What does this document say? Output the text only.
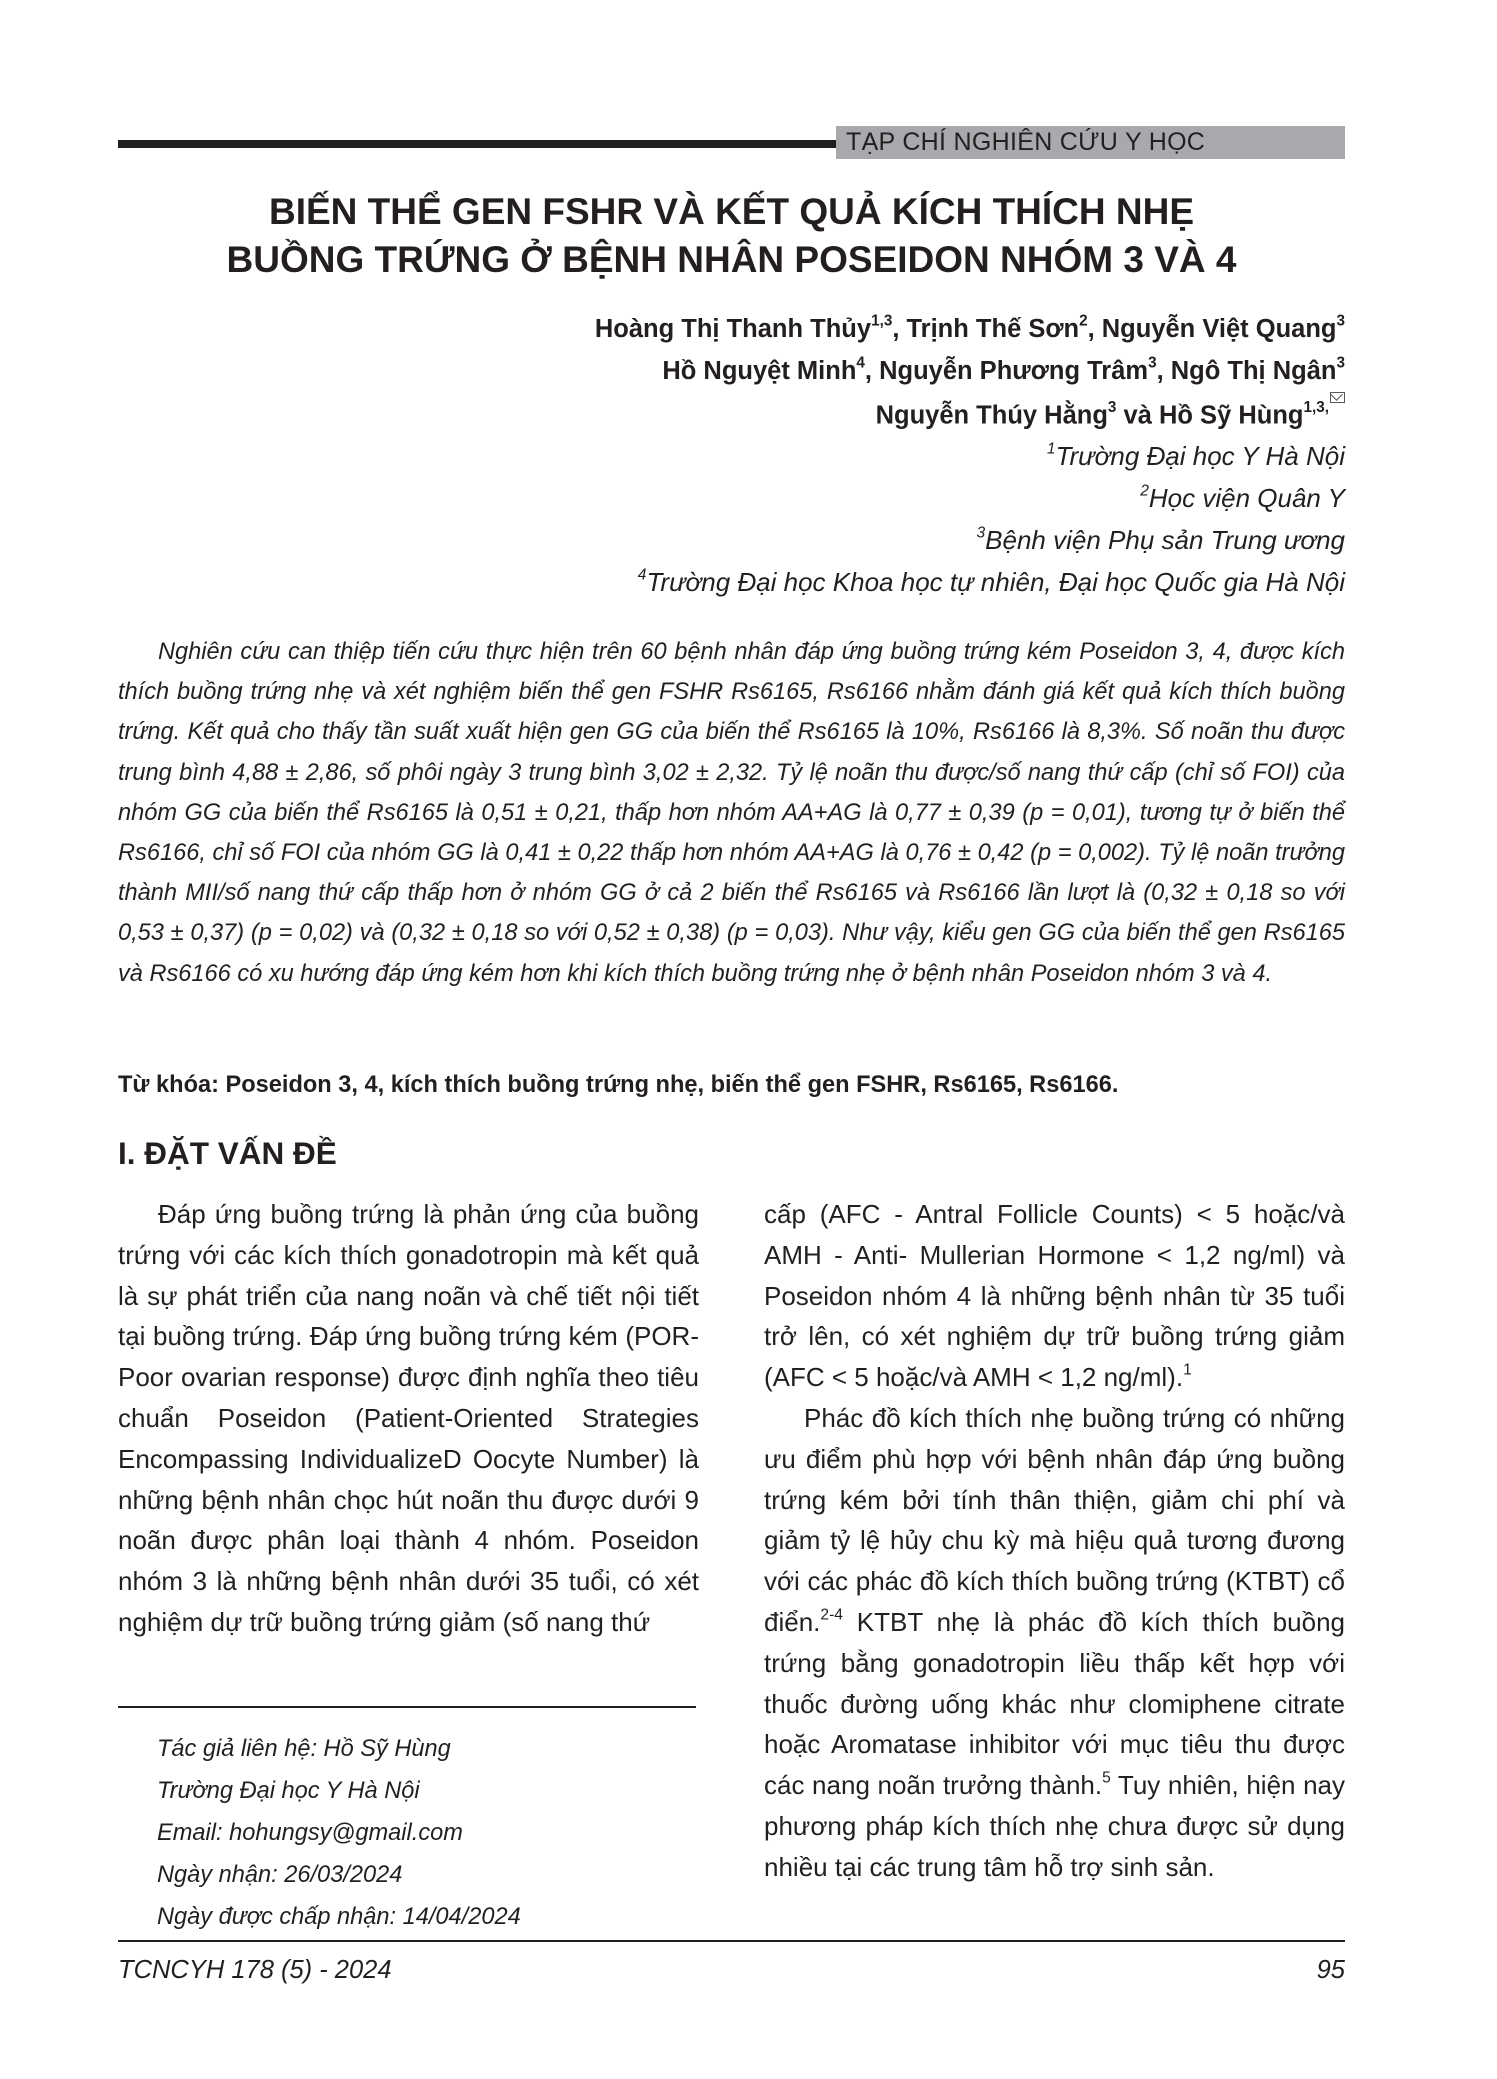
TẠP CHÍ NGHIÊN CỨU Y HỌC
BIẾN THỂ GEN FSHR VÀ KẾT QUẢ KÍCH THÍCH NHẸ
BUỒNG TRỨNG Ở BỆNH NHÂN POSEIDON NHÓM 3 VÀ 4
Hoàng Thị Thanh Thủy$^{1,3}$, Trịnh Thế Sơn$^2$, Nguyễn Việt Quang$^3$
Hồ Nguyệt Minh$^4$, Nguyễn Phương Trâm$^3$, Ngô Thị Ngân$^3$
Nguyễn Thúy Hằng$^3$ và Hồ Sỹ Hùng$^{1,3,}$
$^1$Trường Đại học Y Hà Nội
$^2$Học viện Quân Y
$^3$Bệnh viện Phụ sản Trung ương
$^4$Trường Đại học Khoa học tự nhiên, Đại học Quốc gia Hà Nội

Nghiên cứu can thiệp tiến cứu thực hiện trên 60 bệnh nhân đáp ứng buồng trứng kém Poseidon 3, 4, được kích thích buồng trứng nhẹ và xét nghiệm biến thể gen FSHR Rs6165, Rs6166 nhằm đánh giá kết quả kích thích buồng trứng. Kết quả cho thấy tần suất xuất hiện gen GG của biến thể Rs6165 là 10%, Rs6166 là 8,3%. Số noãn thu được trung bình 4,88 ± 2,86, số phôi ngày 3 trung bình 3,02 ± 2,32. Tỷ lệ noãn thu được/số nang thứ cấp (chỉ số FOI) của nhóm GG của biến thể Rs6165 là 0,51 ± 0,21, thấp hơn nhóm AA+AG là 0,77 ± 0,39 (p = 0,01), tương tự ở biến thể Rs6166, chỉ số FOI của nhóm GG là 0,41 ± 0,22 thấp hơn nhóm AA+AG là 0,76 ± 0,42 (p = 0,002). Tỷ lệ noãn trưởng thành MII/số nang thứ cấp thấp hơn ở nhóm GG ở cả 2 biến thể Rs6165 và Rs6166 lần lượt là (0,32 ± 0,18 so với 0,53 ± 0,37) (p = 0,02) và (0,32 ± 0,18 so với 0,52 ± 0,38) (p = 0,03). Như vậy, kiểu gen GG của biến thể gen Rs6165 và Rs6166 có xu hướng đáp ứng kém hơn khi kích thích buồng trứng nhẹ ở bệnh nhân Poseidon nhóm 3 và 4.

Từ khóa: Poseidon 3, 4, kích thích buồng trứng nhẹ, biến thể gen FSHR, Rs6165, Rs6166.
I. ĐẶT VẤN ĐỀ

Đáp ứng buồng trứng là phản ứng của buồng trứng với các kích thích gonadotropin mà kết quả là sự phát triển của nang noãn và chế tiết nội tiết tại buồng trứng. Đáp ứng buồng trứng kém (POR- Poor ovarian response) được định nghĩa theo tiêu chuẩn Poseidon (Patient-Oriented Strategies Encompassing IndividualizeD Oocyte Number) là những bệnh nhân chọc hút noãn thu được dưới 9 noãn được phân loại thành 4 nhóm. Poseidon nhóm 3 là những bệnh nhân dưới 35 tuổi, có xét nghiệm dự trữ buồng trứng giảm (số nang thứ

cấp (AFC - Antral Follicle Counts) < 5 hoặc/và AMH - Anti- Mullerian Hormone < 1,2 ng/ml) và Poseidon nhóm 4 là những bệnh nhân từ 35 tuổi trở lên, có xét nghiệm dự trữ buồng trứng giảm (AFC < 5 hoặc/và AMH < 1,2 ng/ml).$^1$

Phác đồ kích thích nhẹ buồng trứng có những ưu điểm phù hợp với bệnh nhân đáp ứng buồng trứng kém bởi tính thân thiện, giảm chi phí và giảm tỷ lệ hủy chu kỳ mà hiệu quả tương đương với các phác đồ kích thích buồng trứng (KTBT) cổ điển.$^{2-4}$ KTBT nhẹ là phác đồ kích thích buồng trứng bằng gonadotropin liều thấp kết hợp với thuốc đường uống khác như clomiphene citrate hoặc Aromatase inhibitor với mục tiêu thu được các nang noãn trưởng thành.$^5$ Tuy nhiên, hiện nay phương pháp kích thích nhẹ chưa được sử dụng nhiều tại các trung tâm hỗ trợ sinh sản.

Tác giả liên hệ: Hồ Sỹ Hùng
Trường Đại học Y Hà Nội
Email: hohungsy@gmail.com
Ngày nhận: 26/03/2024
Ngày được chấp nhận: 14/04/2024
TCNCYH 178 (5) - 2024	95
